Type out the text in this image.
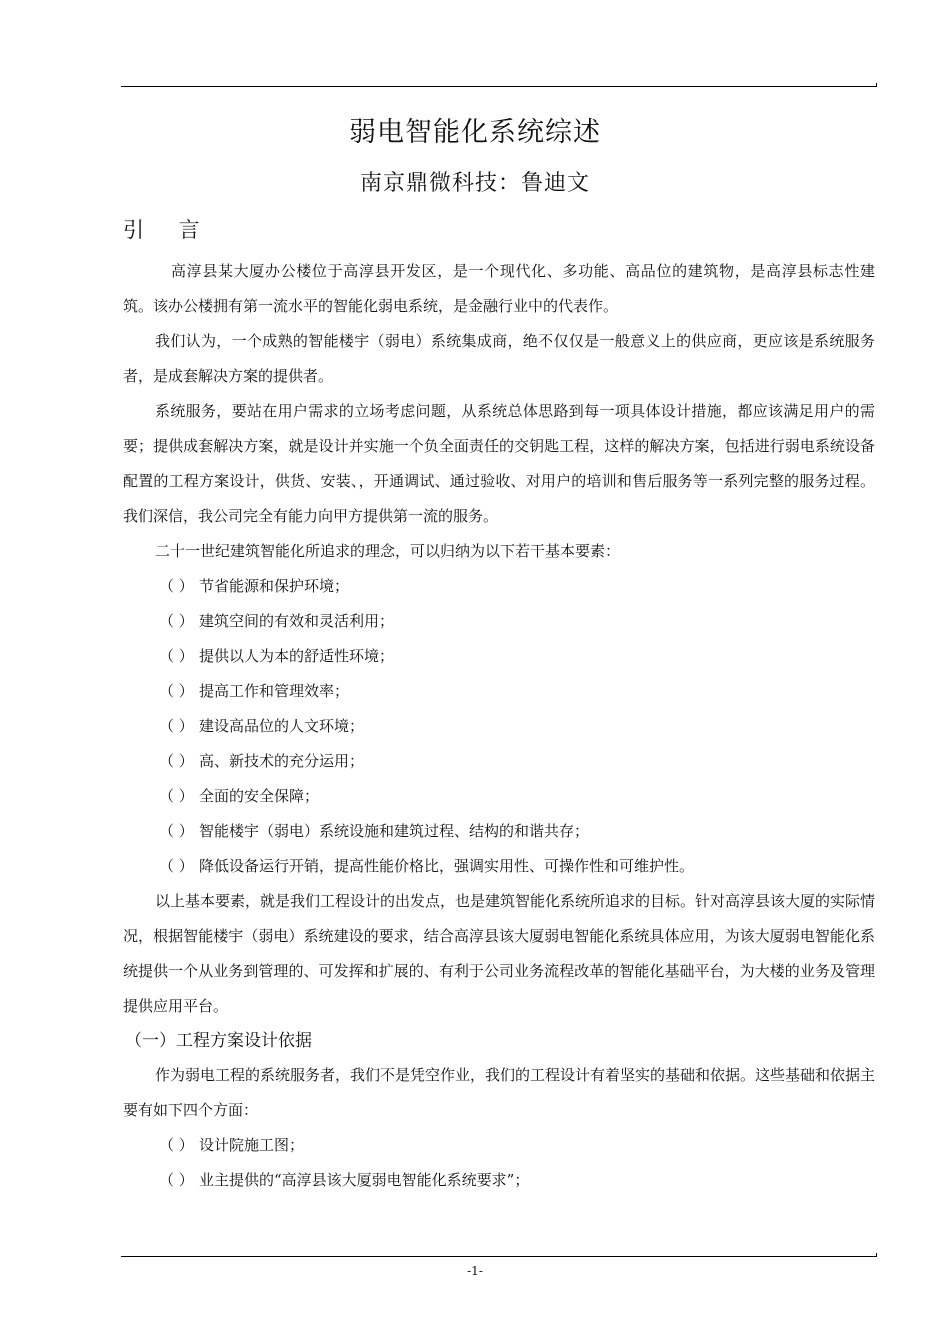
弱电智能化系统综述
南京鼎微科技：鲁迪文
引 言

高淳县某大厦办公楼位于高淳县开发区，是一个现代化、多功能、高品位的建筑物，是高淳县标志性建筑。该办公楼拥有第一流水平的智能化弱电系统，是金融行业中的代表作。

我们认为，一个成熟的智能楼宇（弱电）系统集成商，绝不仅仅是一般意义上的供应商，更应该是系统服务者，是成套解决方案的提供者。

系统服务，要站在用户需求的立场考虑问题，从系统总体思路到每一项具体设计措施，都应该满足用户的需要；提供成套解决方案，就是设计并实施一个负全面责任的交钥匙工程，这样的解决方案，包括进行弱电系统设备配置的工程方案设计，供货、安装、，开通调试、通过验收、对用户的培训和售后服务等一系列完整的服务过程。我们深信，我公司完全有能力向甲方提供第一流的服务。

二十一世纪建筑智能化所追求的理念，可以归纳为以下若干基本要素：

（ ） 节省能源和保护环境；

（ ） 建筑空间的有效和灵活利用；

（ ） 提供以人为本的舒适性环境；

（ ） 提高工作和管理效率；

（ ） 建设高品位的人文环境；

（ ） 高、新技术的充分运用；

（ ） 全面的安全保障；

（ ） 智能楼宇（弱电）系统设施和建筑过程、结构的和谐共存；

（ ） 降低设备运行开销，提高性能价格比，强调实用性、可操作性和可维护性。

以上基本要素，就是我们工程设计的出发点，也是建筑智能化系统所追求的目标。针对高淳县该大厦的实际情况，根据智能楼宇（弱电）系统建设的要求，结合高淳县该大厦弱电智能化系统具体应用，为该大厦弱电智能化系统提供一个从业务到管理的、可发挥和扩展的、有利于公司业务流程改革的智能化基础平台，为大楼的业务及管理提供应用平台。

（一）工程方案设计依据

作为弱电工程的系统服务者，我们不是凭空作业，我们的工程设计有着坚实的基础和依据。这些基础和依据主要有如下四个方面：

（ ） 设计院施工图；

（ ） 业主提供的“高淳县该大厦弱电智能化系统要求”；

-1-
